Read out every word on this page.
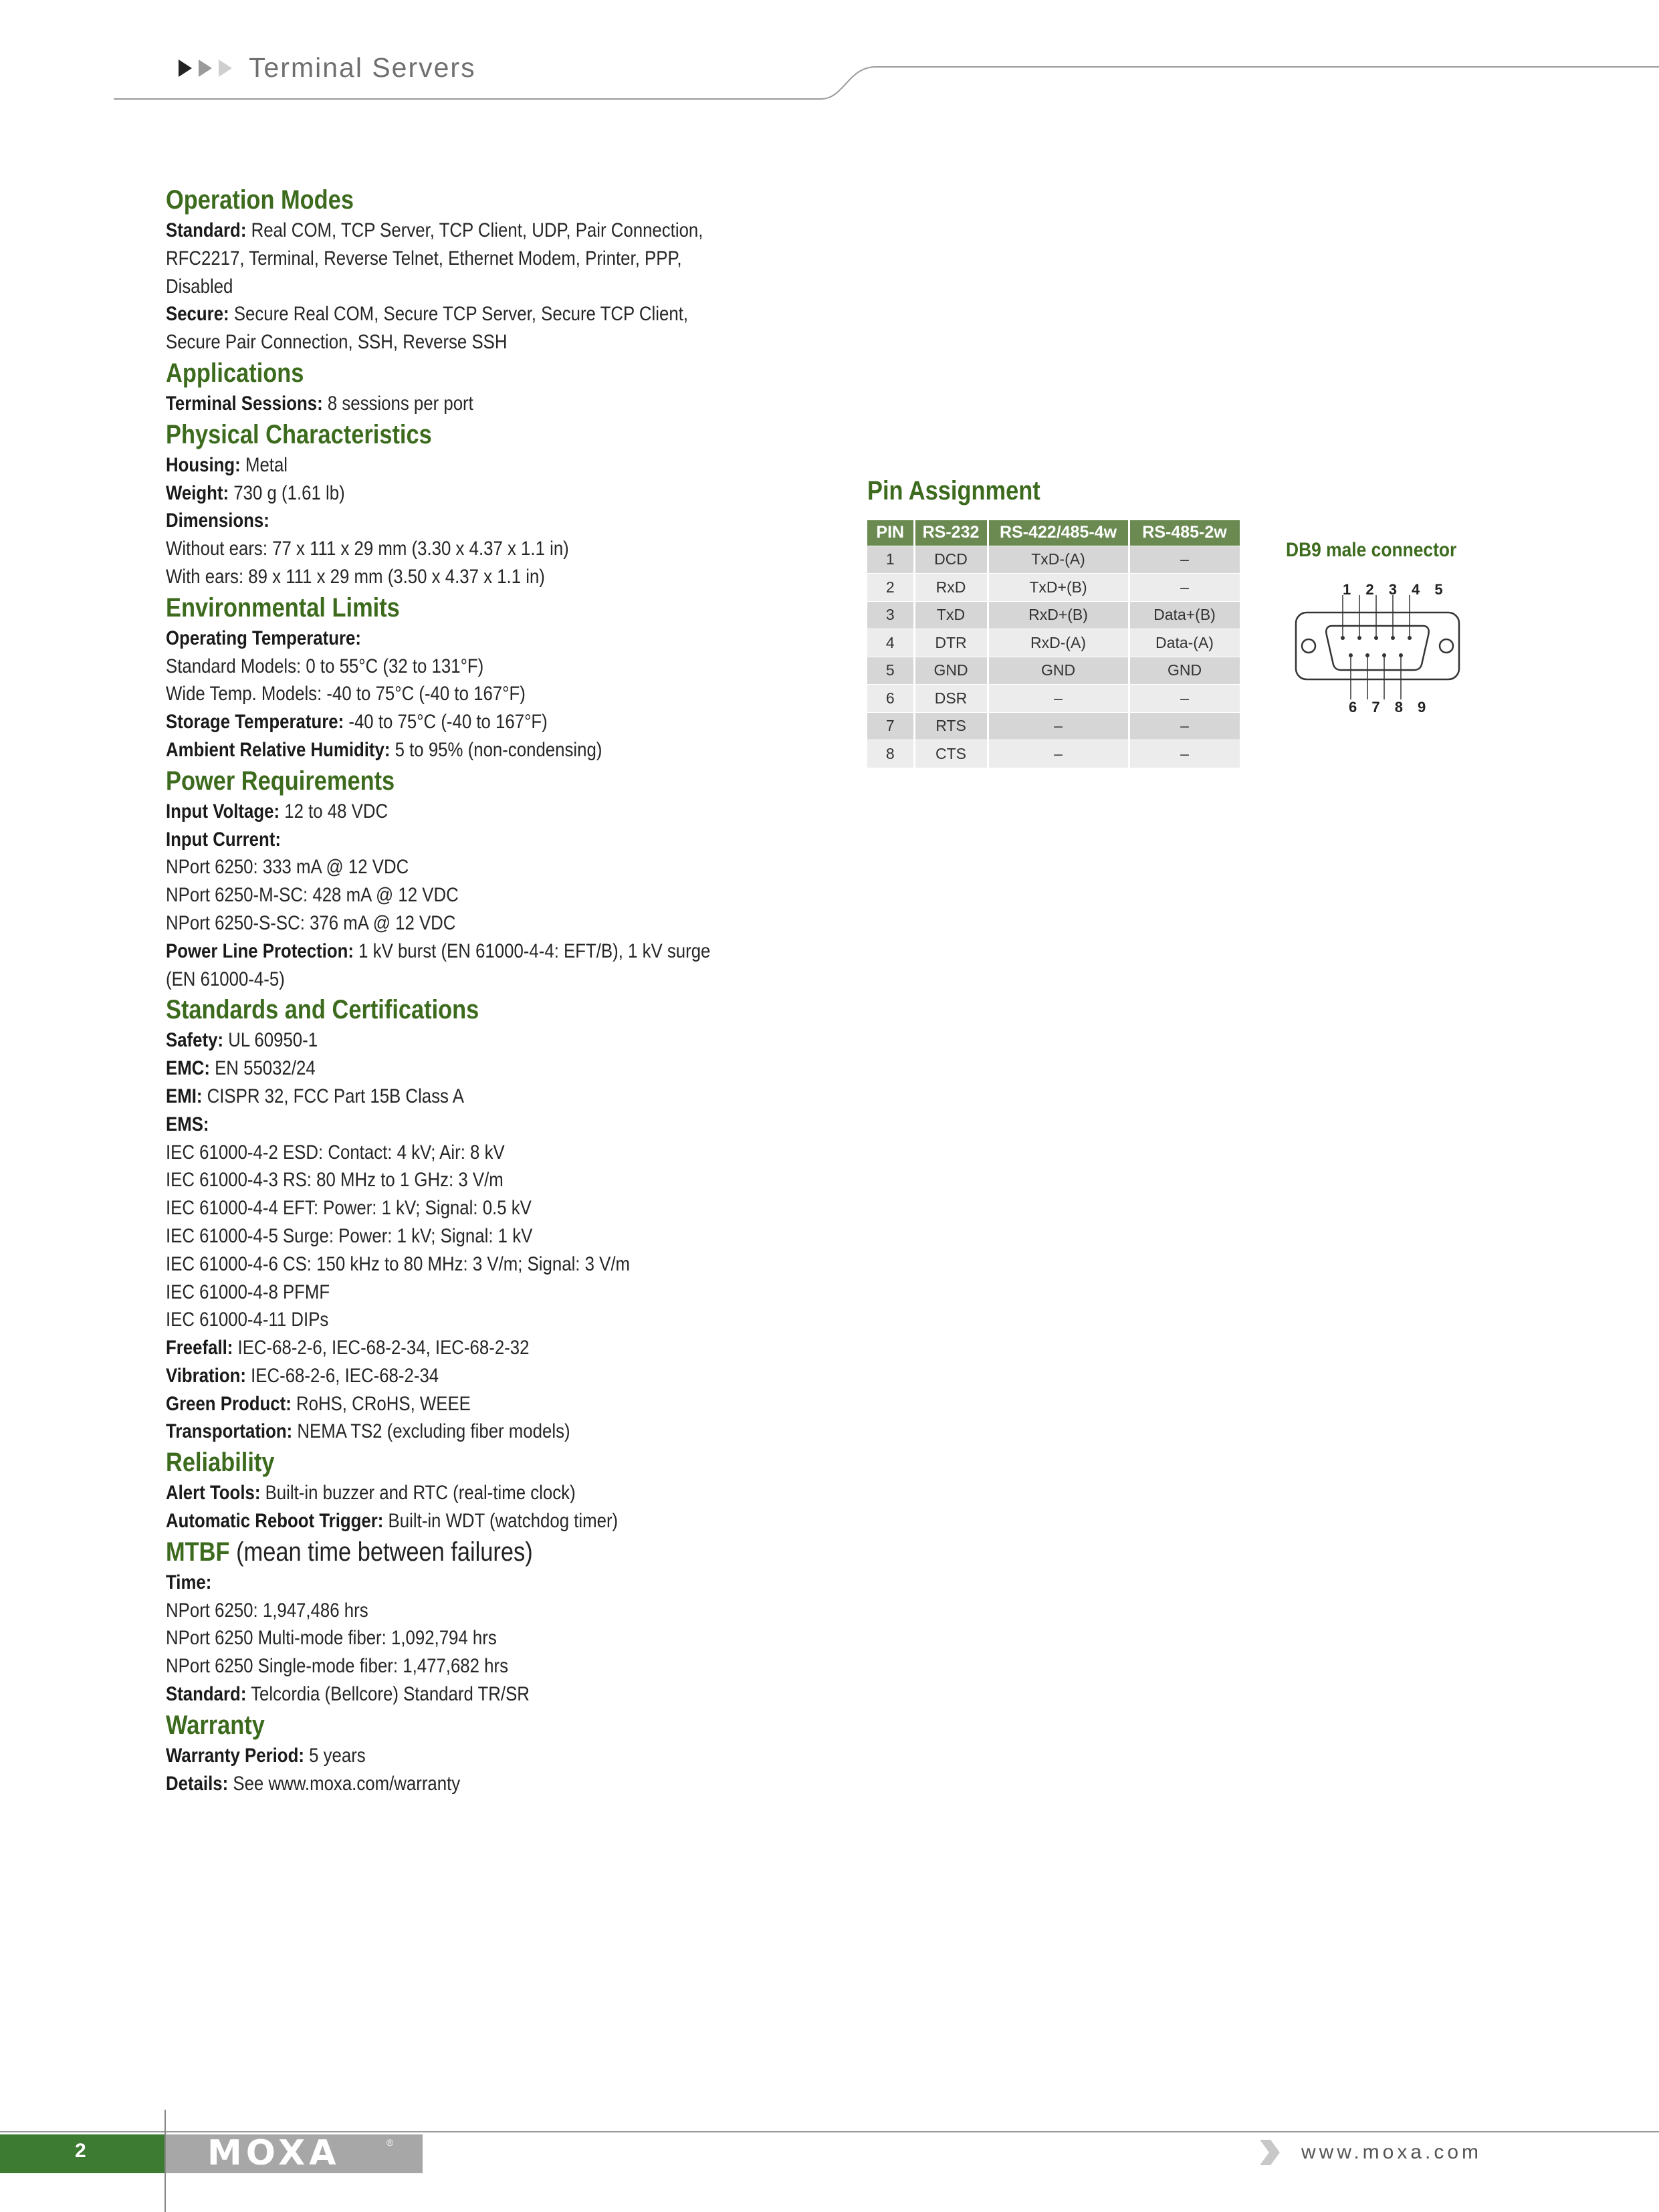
Terminal Servers
Operation Modes
Standard: Real COM, TCP Server, TCP Client, UDP, Pair Connection,
RFC2217, Terminal, Reverse Telnet, Ethernet Modem, Printer, PPP,
Disabled
Secure: Secure Real COM, Secure TCP Server, Secure TCP Client,
Secure Pair Connection, SSH, Reverse SSH
Applications
Terminal Sessions: 8 sessions per port
Physical Characteristics
Housing: Metal
Weight: 730 g (1.61 lb)
Dimensions:
Without ears: 77 x 111 x 29 mm (3.30 x 4.37 x 1.1 in)
With ears: 89 x 111 x 29 mm (3.50 x 4.37 x 1.1 in)
Environmental Limits
Operating Temperature:
Standard Models: 0 to 55°C (32 to 131°F)
Wide Temp. Models: -40 to 75°C (-40 to 167°F)
Storage Temperature: -40 to 75°C (-40 to 167°F)
Ambient Relative Humidity: 5 to 95% (non-condensing)
Power Requirements
Input Voltage: 12 to 48 VDC
Input Current:
NPort 6250: 333 mA @ 12 VDC
NPort 6250-M-SC: 428 mA @ 12 VDC
NPort 6250-S-SC: 376 mA @ 12 VDC
Power Line Protection: 1 kV burst (EN 61000-4-4: EFT/B), 1 kV surge
(EN 61000-4-5)
Standards and Certifications
Safety: UL 60950-1
EMC: EN 55032/24
EMI: CISPR 32, FCC Part 15B Class A
EMS:
IEC 61000-4-2 ESD: Contact: 4 kV; Air: 8 kV
IEC 61000-4-3 RS: 80 MHz to 1 GHz: 3 V/m
IEC 61000-4-4 EFT: Power: 1 kV; Signal: 0.5 kV
IEC 61000-4-5 Surge: Power: 1 kV; Signal: 1 kV
IEC 61000-4-6 CS: 150 kHz to 80 MHz: 3 V/m; Signal: 3 V/m
IEC 61000-4-8 PFMF
IEC 61000-4-11 DIPs
Freefall: IEC-68-2-6, IEC-68-2-34, IEC-68-2-32
Vibration: IEC-68-2-6, IEC-68-2-34
Green Product: RoHS, CRoHS, WEEE
Transportation: NEMA TS2 (excluding fiber models)
Reliability
Alert Tools: Built-in buzzer and RTC (real-time clock)
Automatic Reboot Trigger: Built-in WDT (watchdog timer)
MTBF (mean time between failures)
Time:
NPort 6250: 1,947,486 hrs
NPort 6250 Multi-mode fiber: 1,092,794 hrs
NPort 6250 Single-mode fiber: 1,477,682 hrs
Standard: Telcordia (Bellcore) Standard TR/SR
Warranty
Warranty Period: 5 years
Details: See www.moxa.com/warranty
Pin Assignment
PIN	RS-232	RS-422/485-4w	RS-485-2w
1	DCD	TxD-(A)	–
2	RxD	TxD+(B)	–
3	TxD	RxD+(B)	Data+(B)
4	DTR	RxD-(A)	Data-(A)
5	GND	GND	GND
6	DSR	–	–
7	RTS	–	–
8	CTS	–	–
DB9 male connector
1 2 3 4 5
6 7 8 9
2	MOXA	®	www.moxa.com
